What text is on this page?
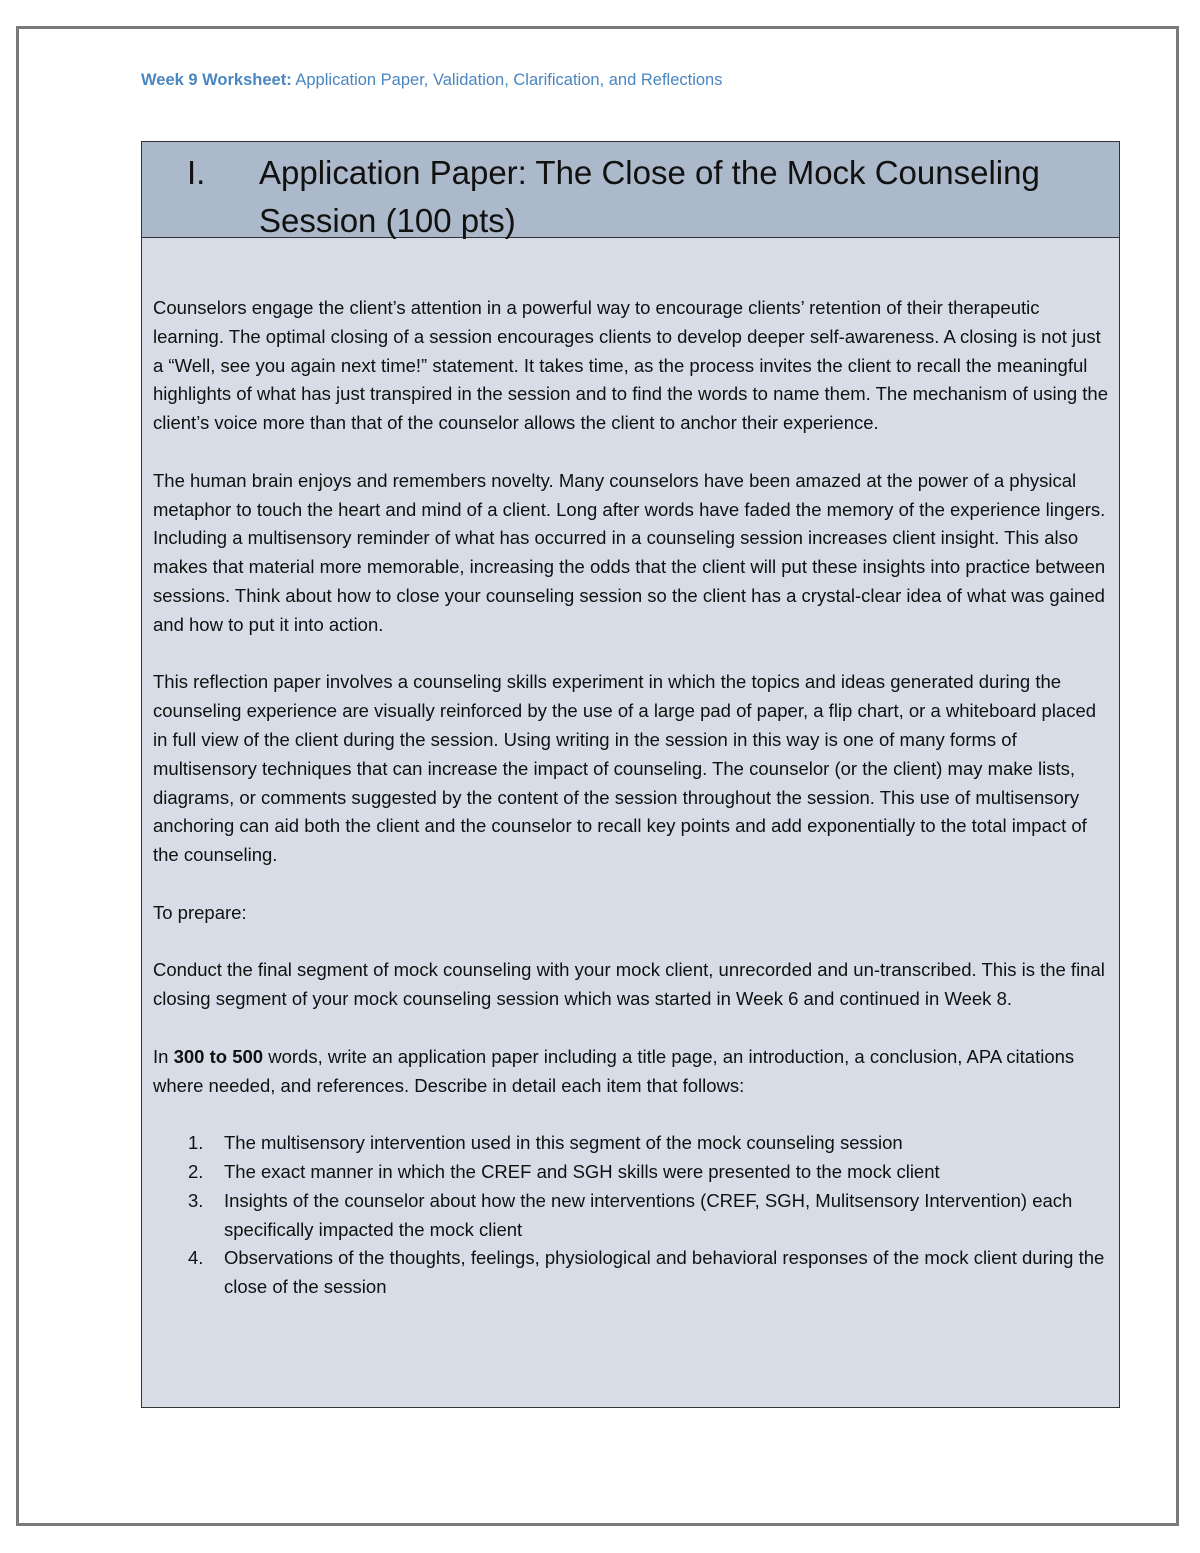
Week 9 Worksheet: Application Paper, Validation, Clarification, and Reflections
I. Application Paper: The Close of the Mock Counseling Session (100 pts)

Counselors engage the client’s attention in a powerful way to encourage clients’ retention of their therapeutic learning. The optimal closing of a session encourages clients to develop deeper self-awareness. A closing is not just a “Well, see you again next time!” statement. It takes time, as the process invites the client to recall the meaningful highlights of what has just transpired in the session and to find the words to name them. The mechanism of using the client’s voice more than that of the counselor allows the client to anchor their experience.

The human brain enjoys and remembers novelty. Many counselors have been amazed at the power of a physical metaphor to touch the heart and mind of a client. Long after words have faded the memory of the experience lingers. Including a multisensory reminder of what has occurred in a counseling session increases client insight. This also makes that material more memorable, increasing the odds that the client will put these insights into practice between sessions. Think about how to close your counseling session so the client has a crystal-clear idea of what was gained and how to put it into action.

This reflection paper involves a counseling skills experiment in which the topics and ideas generated during the counseling experience are visually reinforced by the use of a large pad of paper, a flip chart, or a whiteboard placed in full view of the client during the session. Using writing in the session in this way is one of many forms of multisensory techniques that can increase the impact of counseling. The counselor (or the client) may make lists, diagrams, or comments suggested by the content of the session throughout the session. This use of multisensory anchoring can aid both the client and the counselor to recall key points and add exponentially to the total impact of the counseling.

To prepare:

Conduct the final segment of mock counseling with your mock client, unrecorded and un-transcribed. This is the final closing segment of your mock counseling session which was started in Week 6 and continued in Week 8.

In 300 to 500 words, write an application paper including a title page, an introduction, a conclusion, APA citations where needed, and references. Describe in detail each item that follows:

1. The multisensory intervention used in this segment of the mock counseling session
2. The exact manner in which the CREF and SGH skills were presented to the mock client
3. Insights of the counselor about how the new interventions (CREF, SGH, Mulitsensory Intervention) each specifically impacted the mock client
4. Observations of the thoughts, feelings, physiological and behavioral responses of the mock client during the close of the session
